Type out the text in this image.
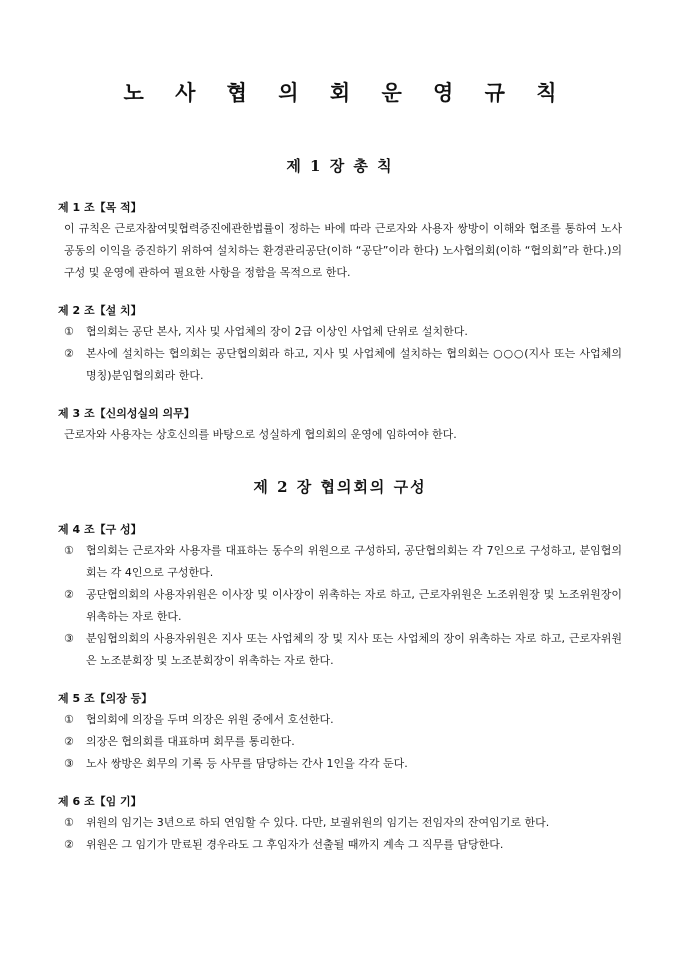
노 사 협 의 회 운 영 규 칙
제 1 장 총 칙
제 1 조【목 적】
이 규칙은 근로자참여및협력증진에관한법률이 정하는 바에 따라 근로자와 사용자 쌍방이 이해와 협조를 통하여 노사공동의 이익을 증진하기 위하여 설치하는 환경관리공단(이하 “공단”이라 한다) 노사협의회(이하 “협의회”라 한다.)의 구성 및 운영에 관하여 필요한 사항을 정함을 목적으로 한다.
제 2 조【설 치】
①	협의회는 공단 본사, 지사 및 사업체의 장이 2급 이상인 사업체 단위로 설치한다.
②	본사에 설치하는 협의회는 공단협의회라 하고, 지사 및 사업체에 설치하는 협의회는 ○○○(지사 또는 사업체의 명칭)분임협의회라 한다.
제 3 조【신의성실의 의무】
근로자와 사용자는 상호신의를 바탕으로 성실하게 협의회의 운영에 임하여야 한다.
제 2 장 협의회의 구성
제 4 조【구 성】
①	협의회는 근로자와 사용자를 대표하는 동수의 위원으로 구성하되, 공단협의회는 각 7인으로 구성하고, 분임협의회는 각 4인으로 구성한다.
②	공단협의회의 사용자위원은 이사장 및 이사장이 위촉하는 자로 하고, 근로자위원은 노조위원장 및 노조위원장이 위촉하는 자로 한다.
③	분임협의회의 사용자위원은 지사 또는 사업체의 장 및 지사 또는 사업체의 장이 위촉하는 자로 하고, 근로자위원은 노조분회장 및 노조분회장이 위촉하는 자로 한다.
제 5 조【의장 등】
①	협의회에 의장을 두며 의장은 위원 중에서 호선한다.
②	의장은 협의회를 대표하며 회무를 통리한다.
③	노사 쌍방은 회무의 기록 등 사무를 담당하는 간사 1인을 각각 둔다.
제 6 조【임 기】
①	위원의 임기는 3년으로 하되 연임할 수 있다. 다만, 보궐위원의 임기는 전임자의 잔여임기로 한다.
②	위원은 그 임기가 만료된 경우라도 그 후임자가 선출될 때까지 계속 그 직무를 담당한다.
